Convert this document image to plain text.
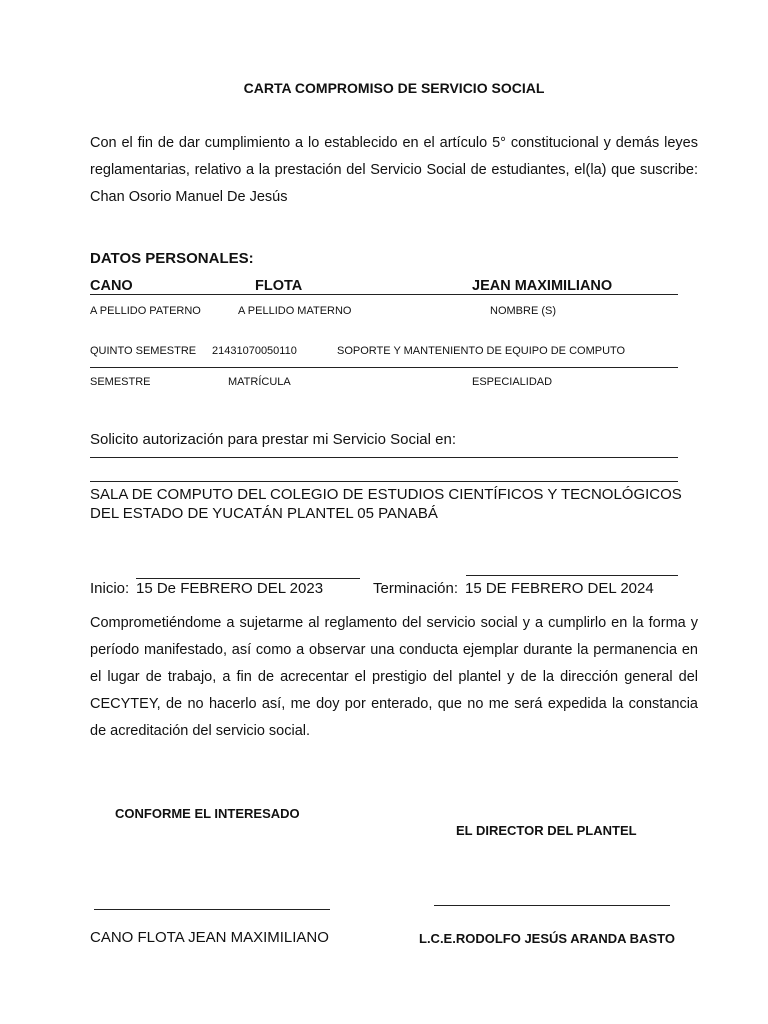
CARTA COMPROMISO DE SERVICIO SOCIAL
Con el fin de dar cumplimiento a lo establecido en el artículo 5° constitucional y demás leyes reglamentarias, relativo a la prestación del Servicio Social de estudiantes, el(la) que suscribe: Chan Osorio Manuel De Jesús
DATOS PERSONALES:
CANO	FLOTA	JEAN MAXIMILIANO
A PELLIDO PATERNO	A PELLIDO MATERNO	NOMBRE (S)
QUINTO SEMESTRE 21431070050110	SOPORTE Y MANTENIENTO DE EQUIPO DE COMPUTO
SEMESTRE	MATRÍCULA	ESPECIALIDAD
Solicito autorización para prestar mi Servicio Social en:
SALA DE COMPUTO DEL COLEGIO DE ESTUDIOS CIENTÍFICOS Y TECNOLÓGICOS DEL ESTADO DE YUCATÁN PLANTEL 05 PANABÁ
Inicio: 15 De FEBRERO DEL 2023	Terminación: 15 DE FEBRERO DEL 2024
Comprometiéndome a sujetarme al reglamento del servicio social y a cumplirlo en la forma y período manifestado, así como a observar una conducta ejemplar durante la permanencia en el lugar de trabajo, a fin de acrecentar el prestigio del plantel y de la dirección general del CECYTEY, de no hacerlo así, me doy por enterado, que no me será expedida la constancia de acreditación del servicio social.
CONFORME EL INTERESADO
EL DIRECTOR DEL PLANTEL
CANO FLOTA JEAN MAXIMILIANO	L.C.E.RODOLFO JESÚS ARANDA BASTO
